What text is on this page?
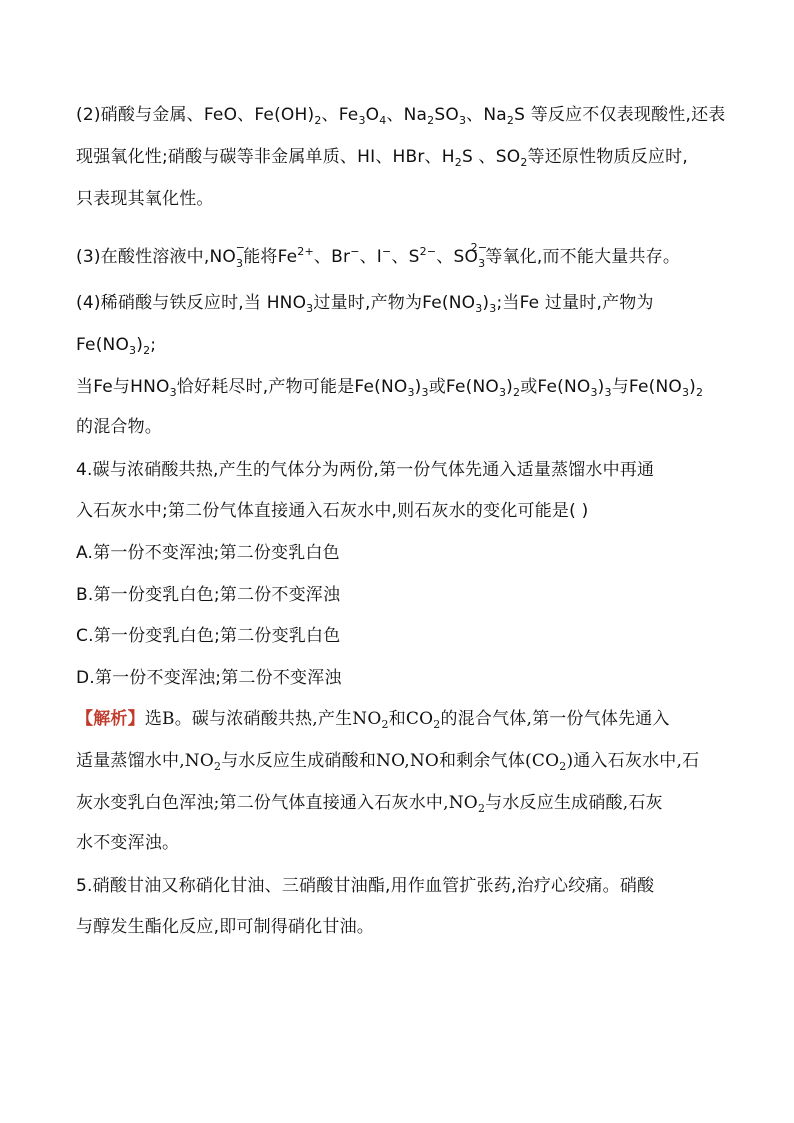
(2)硝酸与金属、FeO、$Fe(OH)_2$、$Fe_3O_4$、$Na_2SO_3$、$Na_2S$ 等反应不仅表现酸性,还表
现强氧化性;硝酸与碳等非金属单质、HI、HBr、$H_2S$ 、$SO_2$等还原性物质反应时,
只表现其氧化性。
(3)在酸性溶液中$,NO_3$
−
能将$Fe^{2+}$、Br−、I−、$S^{2-}$、$SO_3$
2−
等氧化,而不能大量共存。
(4)稀硝酸与铁反应时,当 $HNO_3$过量时,产物为$Fe(NO_3)_3$;当Fe 过量时,产物为
$Fe(NO_3)_2$;
当Fe与$HNO_3$恰好耗尽时,产物可能是$Fe(NO_3)_3$或$Fe(NO_3)_2$或$Fe(NO_3)_3$与$Fe(NO_3)_2$
的混合物。
4.碳与浓硝酸共热,产生的气体分为两份,第一份气体先通入适量蒸馏水中再通
入石灰水中;第二份气体直接通入石灰水中,则石灰水的变化可能是( )
A.第一份不变浑浊;第二份变乳白色
B.第一份变乳白色;第二份不变浑浊
C.第一份变乳白色;第二份变乳白色
D.第一份不变浑浊;第二份不变浑浊
【解析】选B。碳与浓硝酸共热,产生$NO_2$和$CO_2$的混合气体,第一份气体先通入
适量蒸馏水中$,NO_2$与水反应生成硝酸和NO,NO和剩余气体$(CO_2)$通入石灰水中,石
灰水变乳白色浑浊;第二份气体直接通入石灰水中$,NO_2$与水反应生成硝酸,石灰
水不变浑浊。
5.硝酸甘油又称硝化甘油、三硝酸甘油酯,用作血管扩张药,治疗心绞痛。硝酸
与醇发生酯化反应,即可制得硝化甘油。
